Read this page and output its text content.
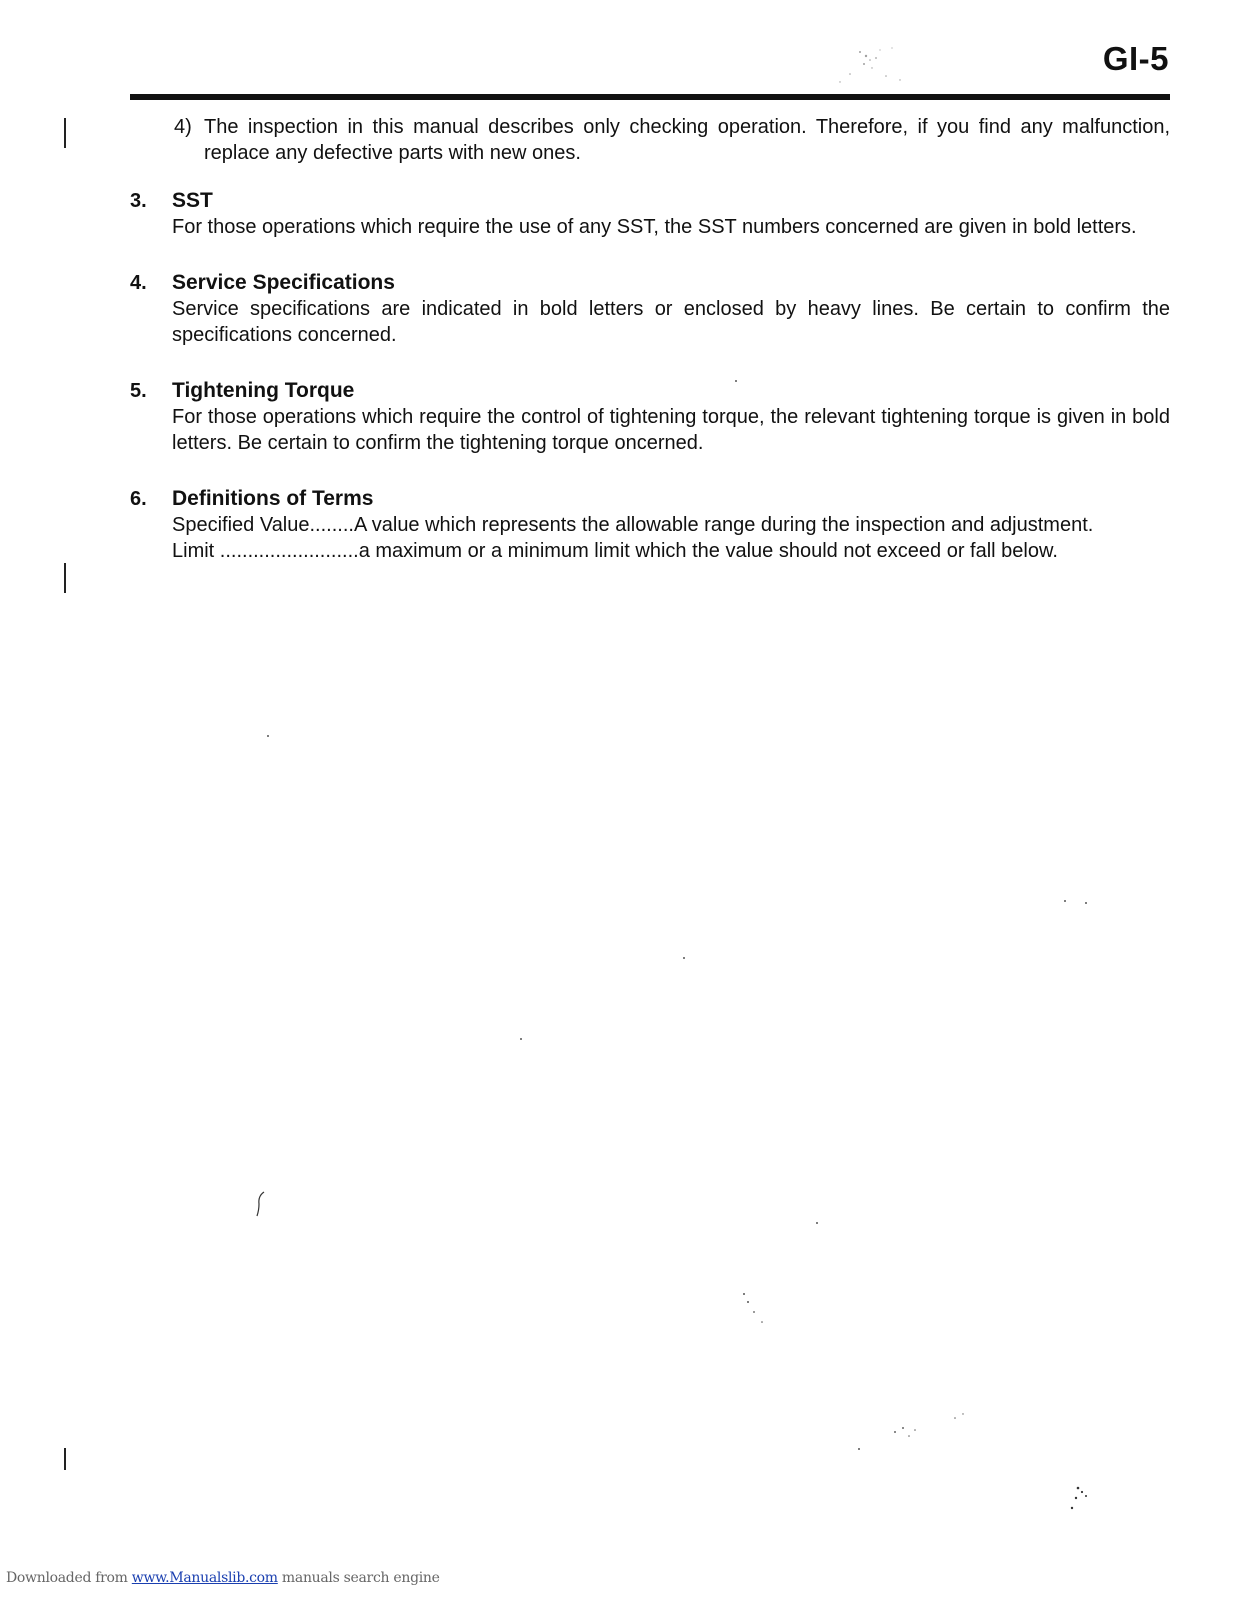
GI-5
4) The inspection in this manual describes only checking operation. Therefore, if you find any malfunction, replace any defective parts with new ones.
3.	SST
For those operations which require the use of any SST, the SST numbers concerned are given in bold letters.
4.	Service Specifications
Service specifications are indicated in bold letters or enclosed by heavy lines. Be certain to confirm the specifications concerned.
5.	Tightening Torque
For those operations which require the control of tightening torque, the relevant tightening torque is given in bold letters. Be certain to confirm the tightening torque oncerned.
6.	Definitions of Terms
Specified Value........ A value which represents the allowable range during the inspection and adjustment.
Limit ......................... a maximum or a minimum limit which the value should not exceed or fall below.
Downloaded from www.Manualslib.com manuals search engine
